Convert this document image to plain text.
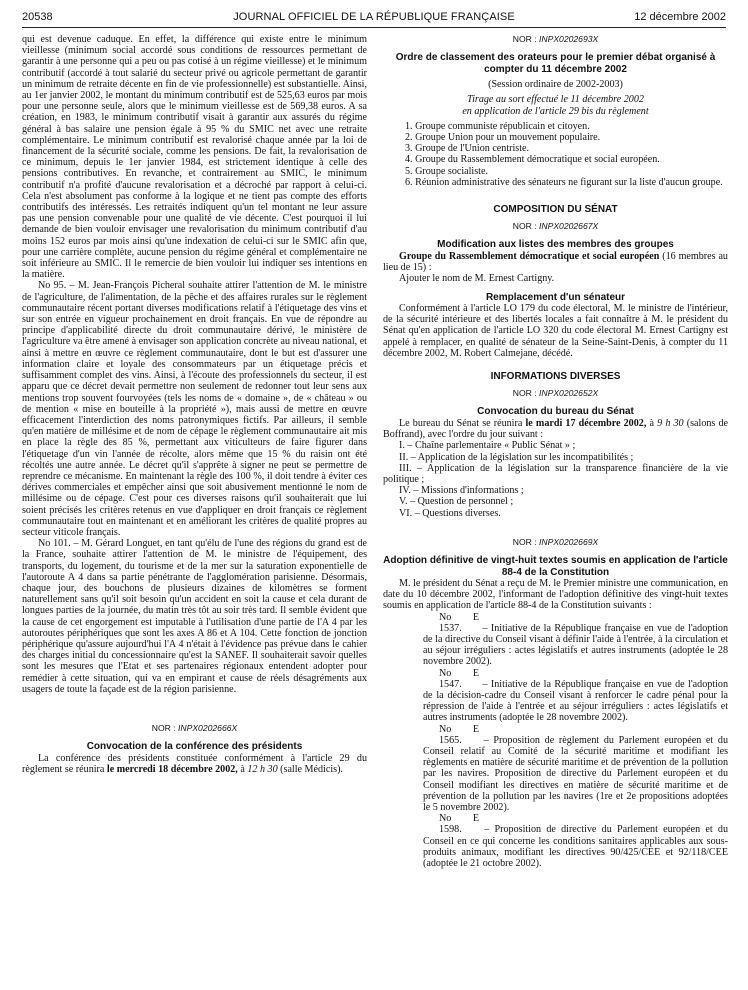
20538	JOURNAL OFFICIEL DE LA RÉPUBLIQUE FRANÇAISE	12 décembre 2002

qui est devenue caduque. En effet, la différence qui existe entre le minimum vieillesse (minimum social accordé sous conditions de ressources permettant de garantir à une personne qui a peu ou pas cotisé à un régime vieillesse) et le minimum contributif (accordé à tout salarié du secteur privé ou agricole permettant de garantir un minimum de retraite décente en fin de vie professionnelle) est substantielle. Ainsi, au 1er janvier 2002, le montant du minimum contributif est de 525,63 euros par mois pour une personne seule, alors que le minimum vieillesse est de 569,38 euros. A sa création, en 1983, le minimum contributif visait à garantir aux assurés du régime général à bas salaire une pension égale à 95 % du SMIC net avec une retraite complémentaire. Le minimum contributif est revalorisé chaque année par la loi de financement de la sécurité sociale, comme les pensions. De fait, la revalorisation de ce minimum, depuis le 1er janvier 1984, est strictement identique à celle des pensions contributives. En revanche, et contrairement au SMIC, le minimum contributif n'a profité d'aucune revalorisation et a décroché par rapport à celui-ci. Cela n'est absolument pas conforme à la logique et ne tient pas compte des efforts contributifs des intéressés. Les retraités indiquent qu'un tel montant ne leur assure pas une pension convenable pour une qualité de vie décente. C'est pourquoi il lui demande de bien vouloir envisager une revalorisation du minimum contributif d'au moins 152 euros par mois ainsi qu'une indexation de celui-ci sur le SMIC afin que, pour une carrière complète, aucune pension du régime général et complémentaire ne soit inférieure au SMIC. Il le remercie de bien vouloir lui indiquer ses intentions en la matière.

No 95. – M. Jean-François Picheral souhaite attirer l'attention de M. le ministre de l'agriculture, de l'alimentation, de la pêche et des affaires rurales sur le règlement communautaire récent portant diverses modifications relatif à l'étiquetage des vins et sur son entrée en vigueur prochainement en droit français. En vue de répondre au principe d'applicabilité directe du droit communautaire dérivé, le ministère de l'agriculture va être amené à envisager son application concrète au niveau national, et ainsi à mettre en œuvre ce règlement communautaire, dont le but est d'assurer une information claire et loyale des consommateurs par un étiquetage précis et suffisamment complet des vins. Ainsi, à l'écoute des professionnels du secteur, il est apparu que ce décret devait permettre non seulement de redonner tout leur sens aux mentions trop souvent fourvoyées (tels les noms de « domaine », de « château » ou de mention « mise en bouteille à la propriété »), mais aussi de mettre en œuvre efficacement l'interdiction des noms patronymiques fictifs. Par ailleurs, il semble qu'en matière de millésime et de nom de cépage le règlement communautaire ait mis en place la règle des 85 %, permettant aux viticulteurs de faire figurer dans l'étiquetage d'un vin l'année de récolte, alors même que 15 % du raisin ont été récoltés une autre année. Le décret qu'il s'apprête à signer ne peut se permettre de reprendre ce mécanisme. En maintenant la règle des 100 %, il doit tendre à éviter ces dérives commerciales et empêcher ainsi que soit abusivement mentionné le nom de millésime ou de cépage. C'est pour ces diverses raisons qu'il souhaiterait que lui soient précisés les critères retenus en vue d'appliquer en droit français ce règlement communautaire tout en maintenant et en améliorant les critères de qualité propres au secteur viticole français.

No 101. – M. Gérard Longuet, en tant qu'élu de l'une des régions du grand est de la France, souhaite attirer l'attention de M. le ministre de l'équipement, des transports, du logement, du tourisme et de la mer sur la saturation exponentielle de l'autoroute A 4 dans sa partie pénétrante de l'agglomération parisienne. Désormais, chaque jour, des bouchons de plusieurs dizaines de kilomètres se forment naturellement sans qu'il soit besoin qu'un accident en soit la cause et cela durant de longues parties de la journée, du matin très tôt au soir très tard. Il semble évident que la cause de cet engorgement est imputable à l'utilisation d'une partie de l'A 4 par les autoroutes périphériques que sont les axes A 86 et A 104. Cette fonction de jonction périphérique qu'assure aujourd'hui l'A 4 n'était à l'évidence pas prévue dans le cahier des charges initial du concessionnaire qu'est la SANEF. Il souhaiterait savoir quelles sont les mesures que l'Etat et ses partenaires régionaux entendent adopter pour remédier à cette situation, qui va en empirant et cause de réels désagréments aux usagers de toute la façade est de la région parisienne.

NOR : INPX0202666X
Convocation de la conférence des présidents

La conférence des présidents constituée conformément à l'article 29 du règlement se réunira le mercredi 18 décembre 2002, à 12 h 30 (salle Médicis).

NOR : INPX0202693X
Ordre de classement des orateurs pour le premier débat organisé à compter du 11 décembre 2002
(Session ordinaire de 2002-2003)
Tirage au sort effectué le 11 décembre 2002
en application de l'article 29 bis du règlement

1. Groupe communiste républicain et citoyen.

2. Groupe Union pour un mouvement populaire.

3. Groupe de l'Union centriste.

4. Groupe du Rassemblement démocratique et social européen.

5. Groupe socialiste.

6. Réunion administrative des sénateurs ne figurant sur la liste d'aucun groupe.

COMPOSITION DU SÉNAT
NOR : INPX0202667X
Modification aux listes des membres des groupes

Groupe du Rassemblement démocratique et social européen (16 membres au lieu de 15) :

Ajouter le nom de M. Ernest Cartigny.

Remplacement d'un sénateur

Conformément à l'article LO 179 du code électoral, M. le ministre de l'intérieur, de la sécurité intérieure et des libertés locales a fait connaître à M. le président du Sénat qu'en application de l'article LO 320 du code électoral M. Ernest Cartigny est appelé à remplacer, en qualité de sénateur de la Seine-Saint-Denis, à compter du 11 décembre 2002, M. Robert Calmejane, décédé.

INFORMATIONS DIVERSES
NOR : INPX0202652X
Convocation du bureau du Sénat

Le bureau du Sénat se réunira le mardi 17 décembre 2002, à 9 h 30 (salons de Boffrand), avec l'ordre du jour suivant :

I. – Chaîne parlementaire « Public Sénat » ;

II. – Application de la législation sur les incompatibilités ;

III. – Application de la législation sur la transparence financière de la vie politique ;

IV. – Missions d'informations ;

V. – Question de personnel ;

VI. – Questions diverses.

NOR : INPX0202669X
Adoption définitive de vingt-huit textes soumis en application de l'article 88-4 de la Constitution

M. le président du Sénat a reçu de M. le Premier ministre une communication, en date du 10 décembre 2002, l'informant de l'adoption définitive des vingt-huit textes soumis en application de l'article 88-4 de la Constitution suivants :

No E 1537. – Initiative de la République française en vue de l'adoption de la directive du Conseil visant à définir l'aide à l'entrée, à la circulation et au séjour irréguliers : actes législatifs et autres instruments (adoptée le 28 novembre 2002).

No E 1547. – Initiative de la République française en vue de l'adoption de la décision-cadre du Conseil visant à renforcer le cadre pénal pour la répression de l'aide à l'entrée et au séjour irréguliers : actes législatifs et autres instruments (adoptée le 28 novembre 2002).

No E 1565. – Proposition de règlement du Parlement européen et du Conseil relatif au Comité de la sécurité maritime et modifiant les règlements en matière de sécurité maritime et de prévention de la pollution par les navires. Proposition de directive du Parlement européen et du Conseil modifiant les directives en matière de sécurité maritime et de prévention de la pollution par les navires (1re et 2e propositions adoptées le 5 novembre 2002).

No E 1598. – Proposition de directive du Parlement européen et du Conseil en ce qui concerne les conditions sanitaires applicables aux sous-produits animaux, modifiant les directives 90/425/CEE et 92/118/CEE (adoptée le 21 octobre 2002).
